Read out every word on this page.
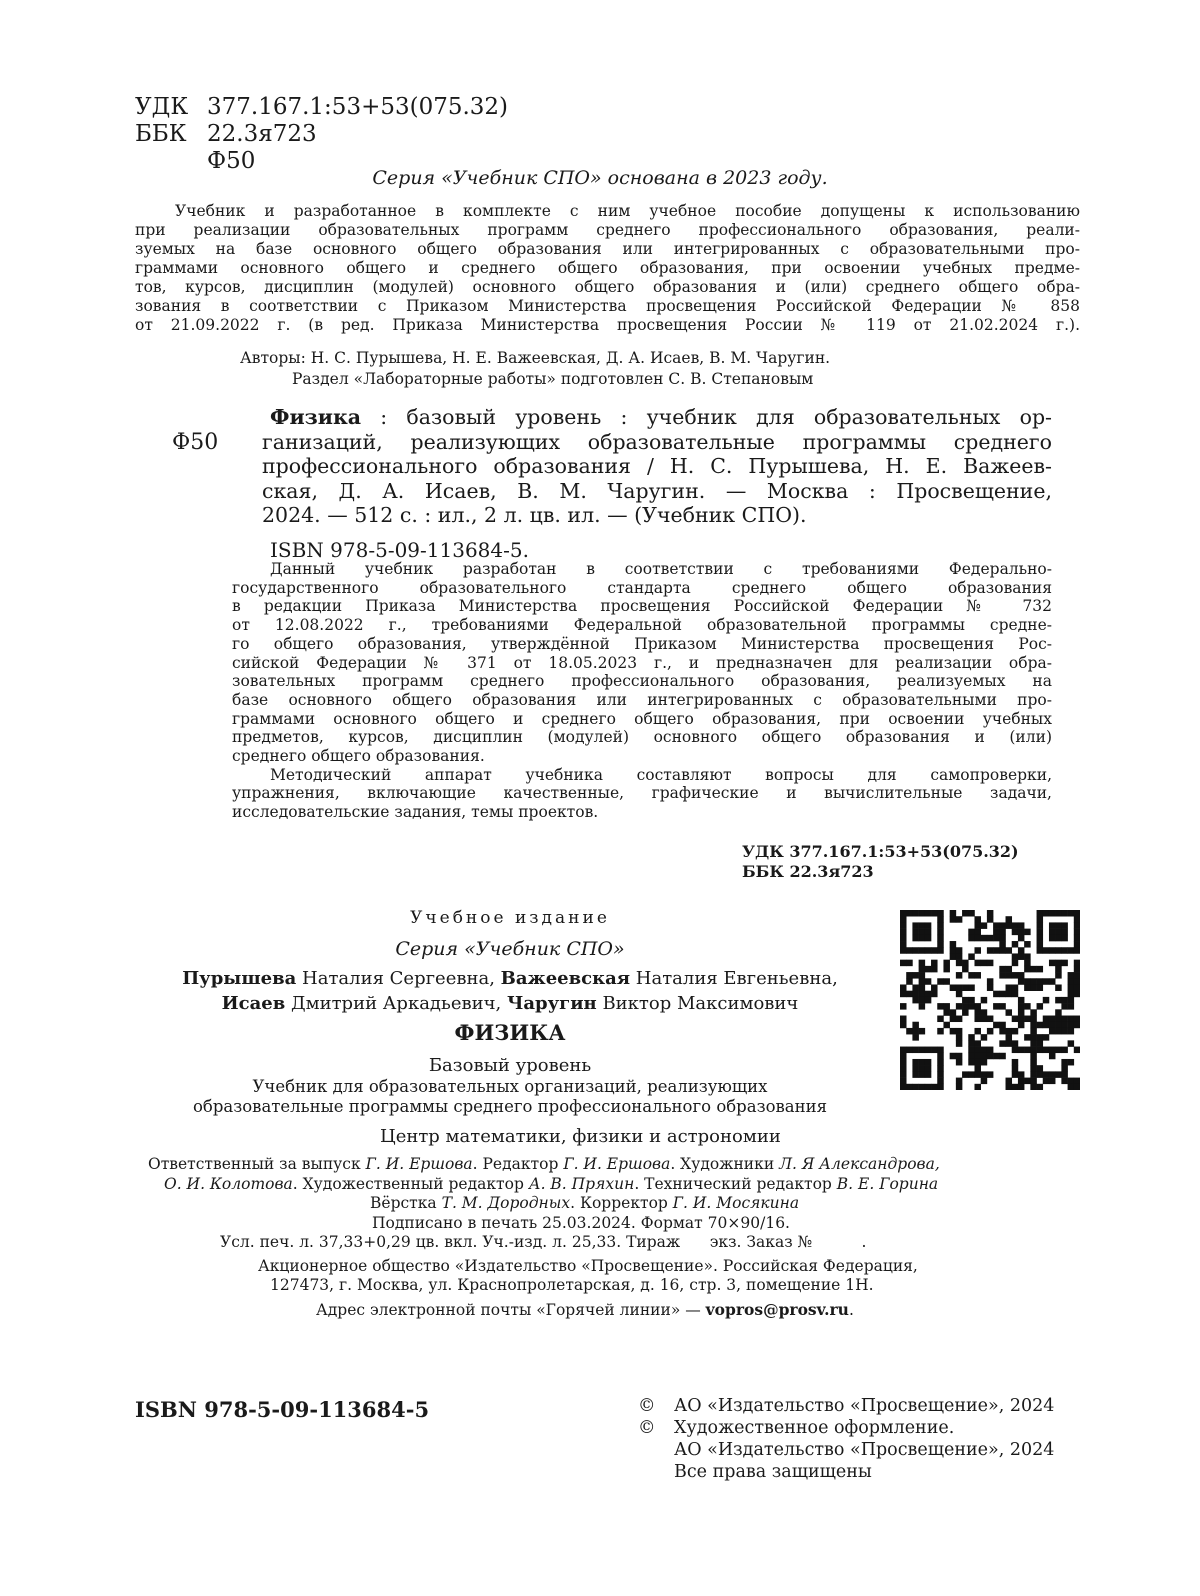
УДК 377.167.1:53+53(075.32)
ББК 22.3я723
Ф50
Серия «Учебник СПО» основана в 2023 году.
Учебник и разработанное в комплекте с ним учебное пособие допущены к использованию
при реализации образовательных программ среднего профессионального образования, реали-
зуемых на базе основного общего образования или интегрированных с образовательными про-
граммами основного общего и среднего общего образования, при освоении учебных предме-
тов, курсов, дисциплин (модулей) основного общего образования и (или) среднего общего обра-
зования в соответствии с Приказом Министерства просвещения Российской Федерации № 858
от 21.09.2022 г. (в ред. Приказа Министерства просвещения России № 119 от 21.02.2024 г.).
Авторы: Н. С. Пурышева, Н. Е. Важеевская, Д. А. Исаев, В. М. Чаругин.
Раздел «Лабораторные работы» подготовлен С. В. Степановым
Ф50
Физика : базовый уровень : учебник для образовательных ор-
ганизаций, реализующих образовательные программы среднего
профессионального образования / Н. С. Пурышева, Н. Е. Важеев-
ская, Д. А. Исаев, В. М. Чаругин. — Москва : Просвещение,
2024. — 512 с. : ил., 2 л. цв. ил. — (Учебник СПО).
ISBN 978-5-09-113684-5.
Данный учебник разработан в соответствии с требованиями Федерально-
государственного образовательного стандарта среднего общего образования
в редакции Приказа Министерства просвещения Российской Федерации № 732
от 12.08.2022 г., требованиями Федеральной образовательной программы средне-
го общего образования, утверждённой Приказом Министерства просвещения Рос-
сийской Федерации № 371 от 18.05.2023 г., и предназначен для реализации обра-
зовательных программ среднего профессионального образования, реализуемых на
базе основного общего образования или интегрированных с образовательными про-
граммами основного общего и среднего общего образования, при освоении учебных
предметов, курсов, дисциплин (модулей) основного общего образования и (или)
среднего общего образования.
Методический аппарат учебника составляют вопросы для самопроверки,
упражнения, включающие качественные, графические и вычислительные задачи,
исследовательские задания, темы проектов.
УДК 377.167.1:53+53(075.32)
ББК 22.3я723
Учебное издание
Серия «Учебник СПО»
Пурышева Наталия Сергеевна, Важеевская Наталия Евгеньевна,
Исаев Дмитрий Аркадьевич, Чаругин Виктор Максимович
ФИЗИКА
Базовый уровень
Учебник для образовательных организаций, реализующих
образовательные программы среднего профессионального образования
Центр математики, физики и астрономии
Ответственный за выпуск Г. И. Ершова. Редактор Г. И. Ершова. Художники Л. Я Александрова,
О. И. Колотова. Художественный редактор А. В. Пряхин. Технический редактор В. Е. Горина
Вёрстка Т. М. Дородных. Корректор Г. И. Мосякина
Подписано в печать 25.03.2024. Формат 70×90/16.
Усл. печ. л. 37,33+0,29 цв. вкл. Уч.-изд. л. 25,33. Тираж      экз. Заказ №          .
Акционерное общество «Издательство «Просвещение». Российская Федерация,
127473, г. Москва, ул. Краснопролетарская, д. 16, стр. 3, помещение 1Н.
Адрес электронной почты «Горячей линии» — vopros@prosv.ru.
ISBN 978-5-09-113684-5	© АО «Издательство «Просвещение», 2024
© Художественное оформление.
АО «Издательство «Просвещение», 2024
Все права защищены
